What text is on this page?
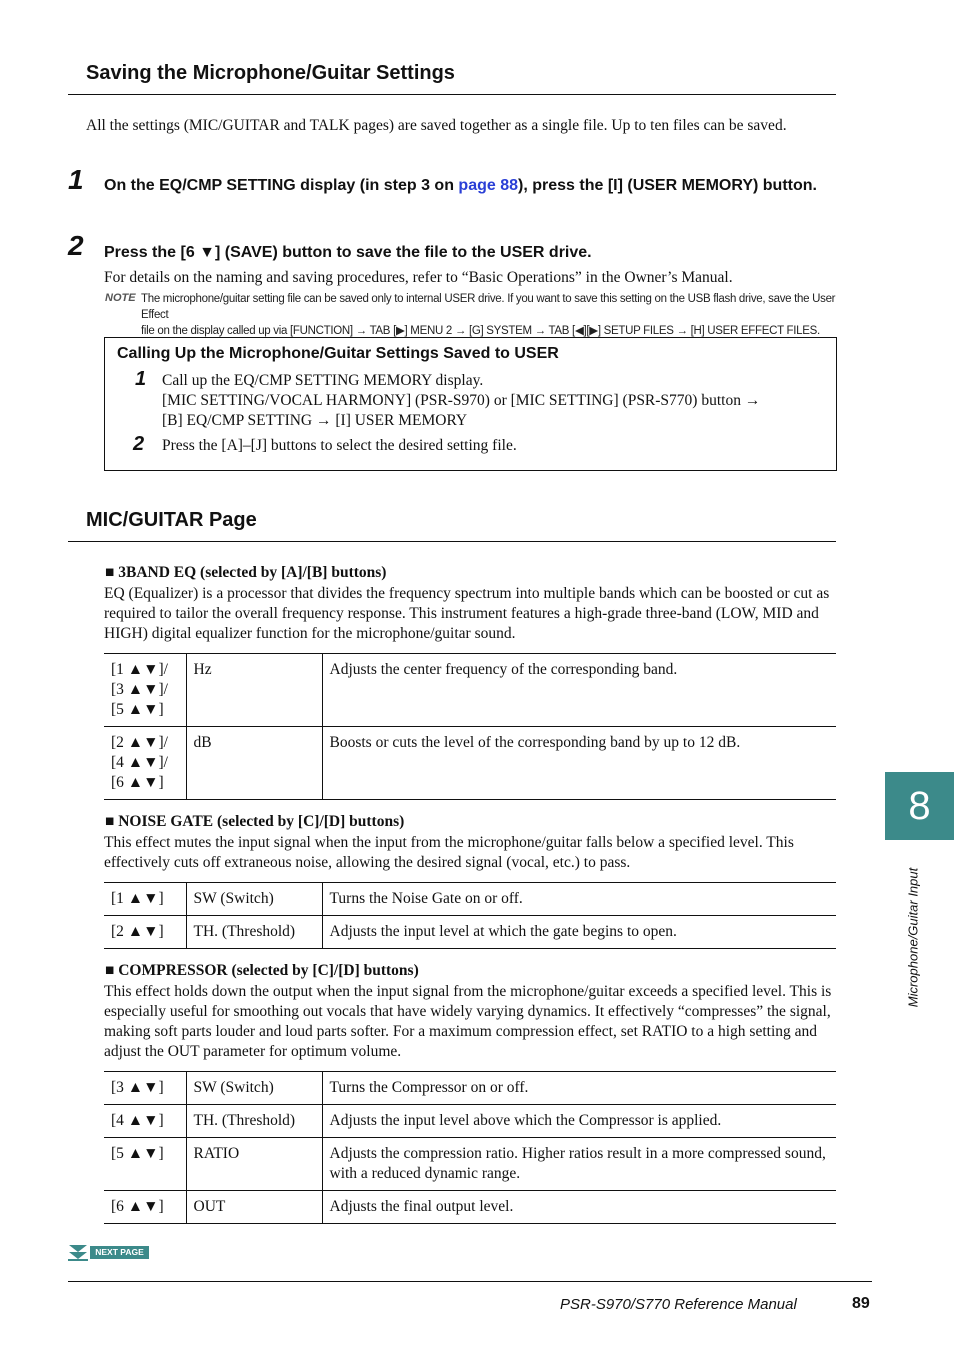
Saving the Microphone/Guitar Settings
All the settings (MIC/GUITAR and TALK pages) are saved together as a single file. Up to ten files can be saved.
1 On the EQ/CMP SETTING display (in step 3 on page 88), press the [I] (USER MEMORY) button.
2 Press the [6 ▼] (SAVE) button to save the file to the USER drive.
For details on the naming and saving procedures, refer to “Basic Operations” in the Owner’s Manual.
NOTE The microphone/guitar setting file can be saved only to internal USER drive. If you want to save this setting on the USB flash drive, save the User Effect
file on the display called up via [FUNCTION] → TAB [▶] MENU 2 → [G] SYSTEM → TAB [◀][▶] SETUP FILES → [H] USER EFFECT FILES.
Calling Up the Microphone/Guitar Settings Saved to USER
1 Call up the EQ/CMP SETTING MEMORY display.
[MIC SETTING/VOCAL HARMONY] (PSR-S970) or [MIC SETTING] (PSR-S770) button →
[B] EQ/CMP SETTING → [I] USER MEMORY
2 Press the [A]–[J] buttons to select the desired setting file.
MIC/GUITAR Page
■ 3BAND EQ (selected by [A]/[B] buttons)
EQ (Equalizer) is a processor that divides the frequency spectrum into multiple bands which can be boosted or cut as required to tailor the overall frequency response. This instrument features a high-grade three-band (LOW, MID and HIGH) digital equalizer function for the microphone/guitar sound.
[1 ▲▼]/
[3 ▲▼]/
[5 ▲▼]	Hz	Adjusts the center frequency of the corresponding band.

[2 ▲▼]/
[4 ▲▼]/
[6 ▲▼]	dB	Boosts or cuts the level of the corresponding band by up to 12 dB.
■ NOISE GATE (selected by [C]/[D] buttons)
This effect mutes the input signal when the input from the microphone/guitar falls below a specified level. This effectively cuts off extraneous noise, allowing the desired signal (vocal, etc.) to pass.
[1 ▲▼]	SW (Switch)	Turns the Noise Gate on or off.
[2 ▲▼]	TH. (Threshold)	Adjusts the input level at which the gate begins to open.
■ COMPRESSOR (selected by [C]/[D] buttons)
This effect holds down the output when the input signal from the microphone/guitar exceeds a specified level. This is especially useful for smoothing out vocals that have widely varying dynamics. It effectively “compresses” the signal, making soft parts louder and loud parts softer. For a maximum compression effect, set RATIO to a high setting and adjust the OUT parameter for optimum volume.
[3 ▲▼]	SW (Switch)	Turns the Compressor on or off.
[4 ▲▼]	TH. (Threshold)	Adjusts the input level above which the Compressor is applied.
[5 ▲▼]	RATIO	Adjusts the compression ratio. Higher ratios result in a more compressed sound, with a reduced dynamic range.
[6 ▲▼]	OUT	Adjusts the final output level.
NEXT PAGE
PSR-S970/S770 Reference Manual	89
8
Microphone/Guitar Input
